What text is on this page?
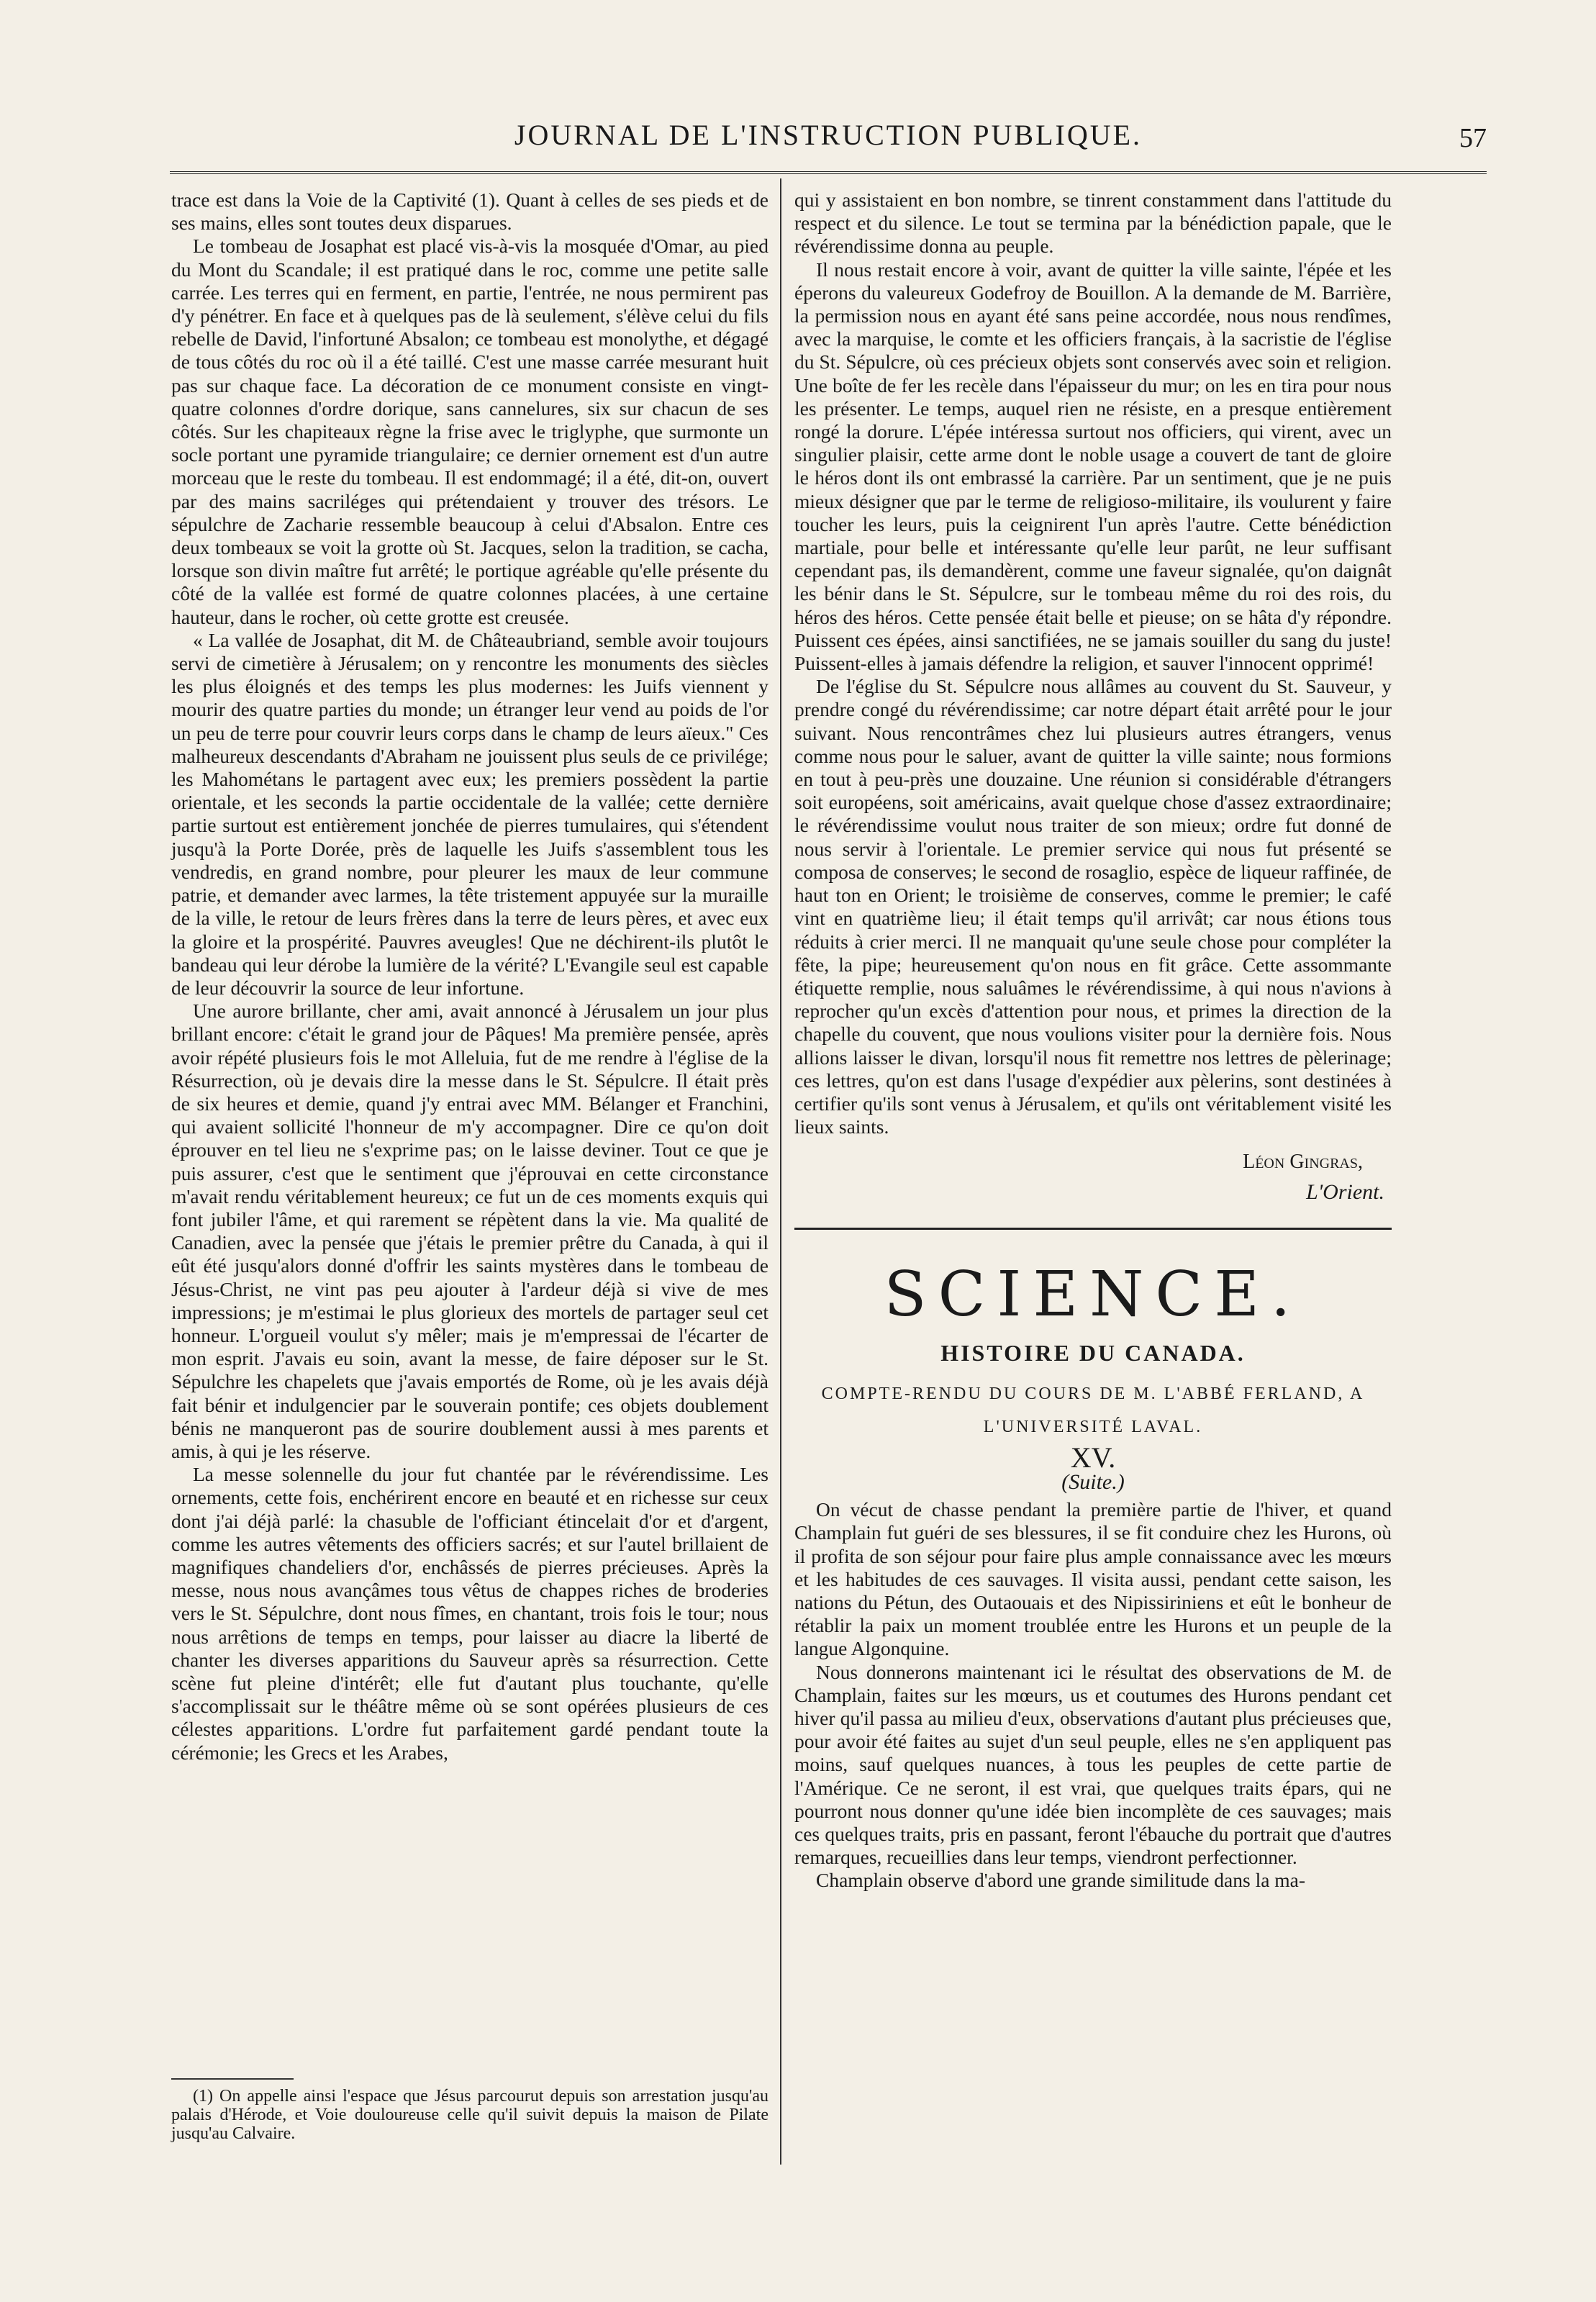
JOURNAL DE L'INSTRUCTION PUBLIQUE.	57

trace est dans la Voie de la Captivité (1). Quant à celles de ses pieds et de ses mains, elles sont toutes deux disparues.

Le tombeau de Josaphat est placé vis-à-vis la mosquée d'Omar, au pied du Mont du Scandale; il est pratiqué dans le roc, comme une petite salle carrée. Les terres qui en ferment, en partie, l'entrée, ne nous permirent pas d'y pénétrer. En face et à quelques pas de là seulement, s'élève celui du fils rebelle de David, l'infortuné Absalon; ce tombeau est monolythe, et dégagé de tous côtés du roc où il a été taillé. C'est une masse carrée mesurant huit pas sur chaque face. La décoration de ce monument consiste en vingt-quatre colonnes d'ordre dorique, sans cannelures, six sur chacun de ses côtés. Sur les chapiteaux règne la frise avec le triglyphe, que surmonte un socle portant une pyramide triangulaire; ce dernier ornement est d'un autre morceau que le reste du tombeau. Il est endommagé; il a été, dit-on, ouvert par des mains sacriléges qui prétendaient y trouver des trésors. Le sépulchre de Zacharie ressemble beaucoup à celui d'Absalon. Entre ces deux tombeaux se voit la grotte où St. Jacques, selon la tradition, se cacha, lorsque son divin maître fut arrêté; le portique agréable qu'elle présente du côté de la vallée est formé de quatre colonnes placées, à une certaine hauteur, dans le rocher, où cette grotte est creusée.

« La vallée de Josaphat, dit M. de Châteaubriand, semble avoir toujours servi de cimetière à Jérusalem; on y rencontre les monuments des siècles les plus éloignés et des temps les plus modernes: les Juifs viennent y mourir des quatre parties du monde; un étranger leur vend au poids de l'or un peu de terre pour couvrir leurs corps dans le champ de leurs aïeux." Ces malheureux descendants d'Abraham ne jouissent plus seuls de ce privilége; les Mahométans le partagent avec eux; les premiers possèdent la partie orientale, et les seconds la partie occidentale de la vallée; cette dernière partie surtout est entièrement jonchée de pierres tumulaires, qui s'étendent jusqu'à la Porte Dorée, près de laquelle les Juifs s'assemblent tous les vendredis, en grand nombre, pour pleurer les maux de leur commune patrie, et demander avec larmes, la tête tristement appuyée sur la muraille de la ville, le retour de leurs frères dans la terre de leurs pères, et avec eux la gloire et la prospérité. Pauvres aveugles! Que ne déchirent-ils plutôt le bandeau qui leur dérobe la lumière de la vérité? L'Evangile seul est capable de leur découvrir la source de leur infortune.

Une aurore brillante, cher ami, avait annoncé à Jérusalem un jour plus brillant encore: c'était le grand jour de Pâques! Ma première pensée, après avoir répété plusieurs fois le mot Alleluia, fut de me rendre à l'église de la Résurrection, où je devais dire la messe dans le St. Sépulcre. Il était près de six heures et demie, quand j'y entrai avec MM. Bélanger et Franchini, qui avaient sollicité l'honneur de m'y accompagner. Dire ce qu'on doit éprouver en tel lieu ne s'exprime pas; on le laisse deviner. Tout ce que je puis assurer, c'est que le sentiment que j'éprouvai en cette circonstance m'avait rendu véritablement heureux; ce fut un de ces moments exquis qui font jubiler l'âme, et qui rarement se répètent dans la vie. Ma qualité de Canadien, avec la pensée que j'étais le premier prêtre du Canada, à qui il eût été jusqu'alors donné d'offrir les saints mystères dans le tombeau de Jésus-Christ, ne vint pas peu ajouter à l'ardeur déjà si vive de mes impressions; je m'estimai le plus glorieux des mortels de partager seul cet honneur. L'orgueil voulut s'y mêler; mais je m'empressai de l'écarter de mon esprit. J'avais eu soin, avant la messe, de faire déposer sur le St. Sépulchre les chapelets que j'avais emportés de Rome, où je les avais déjà fait bénir et indulgencier par le souverain pontife; ces objets doublement bénis ne manqueront pas de sourire doublement aussi à mes parents et amis, à qui je les réserve.

La messe solennelle du jour fut chantée par le révérendissime. Les ornements, cette fois, enchérirent encore en beauté et en richesse sur ceux dont j'ai déjà parlé: la chasuble de l'officiant étincelait d'or et d'argent, comme les autres vêtements des officiers sacrés; et sur l'autel brillaient de magnifiques chandeliers d'or, enchâssés de pierres précieuses. Après la messe, nous nous avançâmes tous vêtus de chappes riches de broderies vers le St. Sépulchre, dont nous fîmes, en chantant, trois fois le tour; nous nous arrêtions de temps en temps, pour laisser au diacre la liberté de chanter les diverses apparitions du Sauveur après sa résurrection. Cette scène fut pleine d'intérêt; elle fut d'autant plus touchante, qu'elle s'accomplissait sur le théâtre même où se sont opérées plusieurs de ces célestes apparitions. L'ordre fut parfaitement gardé pendant toute la cérémonie; les Grecs et les Arabes,

(1) On appelle ainsi l'espace que Jésus parcourut depuis son arrestation jusqu'au palais d'Hérode, et Voie douloureuse celle qu'il suivit depuis la maison de Pilate jusqu'au Calvaire.

qui y assistaient en bon nombre, se tinrent constamment dans l'attitude du respect et du silence. Le tout se termina par la bénédiction papale, que le révérendissime donna au peuple.

Il nous restait encore à voir, avant de quitter la ville sainte, l'épée et les éperons du valeureux Godefroy de Bouillon. A la demande de M. Barrière, la permission nous en ayant été sans peine accordée, nous nous rendîmes, avec la marquise, le comte et les officiers français, à la sacristie de l'église du St. Sépulcre, où ces précieux objets sont conservés avec soin et religion. Une boîte de fer les recèle dans l'épaisseur du mur; on les en tira pour nous les présenter. Le temps, auquel rien ne résiste, en a presque entièrement rongé la dorure. L'épée intéressa surtout nos officiers, qui virent, avec un singulier plaisir, cette arme dont le noble usage a couvert de tant de gloire le héros dont ils ont embrassé la carrière. Par un sentiment, que je ne puis mieux désigner que par le terme de religioso-militaire, ils voulurent y faire toucher les leurs, puis la ceignirent l'un après l'autre. Cette bénédiction martiale, pour belle et intéressante qu'elle leur parût, ne leur suffisant cependant pas, ils demandèrent, comme une faveur signalée, qu'on daignât les bénir dans le St. Sépulcre, sur le tombeau même du roi des rois, du héros des héros. Cette pensée était belle et pieuse; on se hâta d'y répondre. Puissent ces épées, ainsi sanctifiées, ne se jamais souiller du sang du juste! Puissent-elles à jamais défendre la religion, et sauver l'innocent opprimé!

De l'église du St. Sépulcre nous allâmes au couvent du St. Sauveur, y prendre congé du révérendissime; car notre départ était arrêté pour le jour suivant. Nous rencontrâmes chez lui plusieurs autres étrangers, venus comme nous pour le saluer, avant de quitter la ville sainte; nous formions en tout à peu-près une douzaine. Une réunion si considérable d'étrangers soit européens, soit américains, avait quelque chose d'assez extraordinaire; le révérendissime voulut nous traiter de son mieux; ordre fut donné de nous servir à l'orientale. Le premier service qui nous fut présenté se composa de conserves; le second de rosaglio, espèce de liqueur raffinée, de haut ton en Orient; le troisième de conserves, comme le premier; le café vint en quatrième lieu; il était temps qu'il arrivât; car nous étions tous réduits à crier merci. Il ne manquait qu'une seule chose pour compléter la fête, la pipe; heureusement qu'on nous en fit grâce. Cette assommante étiquette remplie, nous saluâmes le révérendissime, à qui nous n'avions à reprocher qu'un excès d'attention pour nous, et primes la direction de la chapelle du couvent, que nous voulions visiter pour la dernière fois. Nous allions laisser le divan, lorsqu'il nous fit remettre nos lettres de pèlerinage; ces lettres, qu'on est dans l'usage d'expédier aux pèlerins, sont destinées à certifier qu'ils sont venus à Jérusalem, et qu'ils ont véritablement visité les lieux saints.

Léon Gingras,
L'Orient.
SCIENCE.
HISTOIRE DU CANADA.
COMPTE-RENDU DU COURS DE M. L'ABBÉ FERLAND, A L'UNIVERSITÉ LAVAL.
XV.
(Suite.)

On vécut de chasse pendant la première partie de l'hiver, et quand Champlain fut guéri de ses blessures, il se fit conduire chez les Hurons, où il profita de son séjour pour faire plus ample connaissance avec les mœurs et les habitudes de ces sauvages. Il visita aussi, pendant cette saison, les nations du Pétun, des Outaouais et des Nipissiriniens et eût le bonheur de rétablir la paix un moment troublée entre les Hurons et un peuple de la langue Algonquine.

Nous donnerons maintenant ici le résultat des observations de M. de Champlain, faites sur les mœurs, us et coutumes des Hurons pendant cet hiver qu'il passa au milieu d'eux, observations d'autant plus précieuses que, pour avoir été faites au sujet d'un seul peuple, elles ne s'en appliquent pas moins, sauf quelques nuances, à tous les peuples de cette partie de l'Amérique. Ce ne seront, il est vrai, que quelques traits épars, qui ne pourront nous donner qu'une idée bien incomplète de ces sauvages; mais ces quelques traits, pris en passant, feront l'ébauche du portrait que d'autres remarques, recueillies dans leur temps, viendront perfectionner.

Champlain observe d'abord une grande similitude dans la ma-
